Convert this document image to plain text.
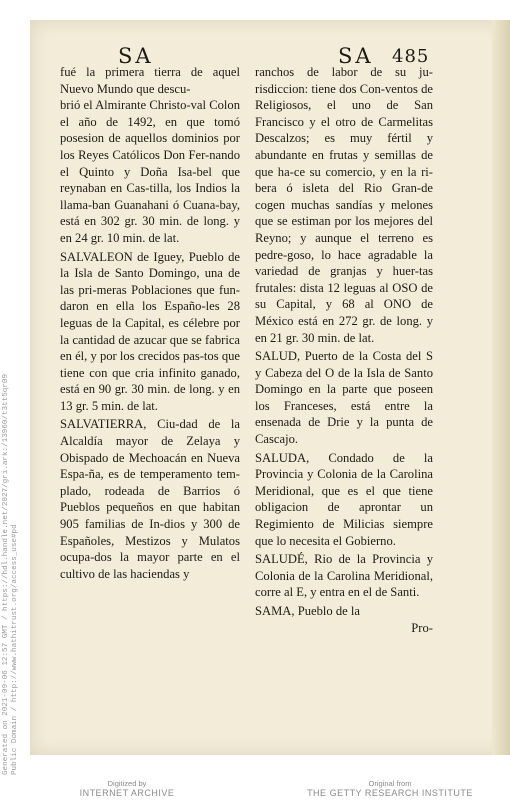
SA	SA 485

fué la primera tierra de aquel Nuevo Mundo que descu-

brió el Almirante Christo-val Colon el año de 1492, en que tomó posesion de aquellos dominios por los Reyes Católicos Don Fer-nando el Quinto y Doña Isa-bel que reynaban en Cas-tilla, los Indios la llama-ban Guanahani ó Cuana-bay, está en 302 gr. 30 min. de long. y en 24 gr. 10 min. de lat.

SALVALEON de Iguey, Pueblo de la Isla de Santo Domingo, una de las pri-meras Poblaciones que fun-daron en ella los Españo-les 28 leguas de la Capital, es célebre por la cantidad de azucar que se fabrica en él, y por los crecidos pas-tos que tiene con que cria infinito ganado, está en 90 gr. 30 min. de long. y en 13 gr. 5 min. de lat.

SALVATIERRA, Ciu-dad de la Alcaldía mayor de Zelaya y Obispado de Mechoacán en Nueva Espa-ña, es de temperamento tem-plado, rodeada de Barrios ó Pueblos pequeños en que habitan 905 familias de In-dios y 300 de Españoles, Mestizos y Mulatos ocupa-dos la mayor parte en el cultivo de las haciendas y

ranchos de labor de su ju-risdiccion: tiene dos Con-ventos de Religiosos, el uno de San Francisco y el otro de Carmelitas Descalzos; es muy fértil y abundante en frutas y semillas de que ha-ce su comercio, y en la ri-bera ó isleta del Rio Gran-de cogen muchas sandías y melones que se estiman por los mejores del Reyno; y aunque el terreno es pedre-goso, lo hace agradable la variedad de granjas y huer-tas frutales: dista 12 leguas al OSO de su Capital, y 68 al ONO de México está en 272 gr. de long. y en 21 gr. 30 min. de lat.

SALUD, Puerto de la Costa del S y Cabeza del O de la Isla de Santo Domingo en la parte que poseen los Franceses, está entre la ensenada de Drie y la punta de Cascajo.

SALUDA, Condado de la Provincia y Colonia de la Carolina Meridional, que es el que tiene obligacion de aprontar un Regimiento de Milicias siempre que lo necesita el Gobierno.

SALUDÉ, Rio de la Provincia y Colonia de la Carolina Meridional, corre al E, y entra en el de Santi.

SAMA, Pueblo de la

Pro-

Generated on 2021-09-06 12:57 GMT / https://hdl.handle.net/2027/gri.ark:/13960/t3tt5qr09
Public Domain / http://www.hathitrust.org/access_use#pd
Digitized by
INTERNET ARCHIVE
Original from
THE GETTY RESEARCH INSTITUTE
